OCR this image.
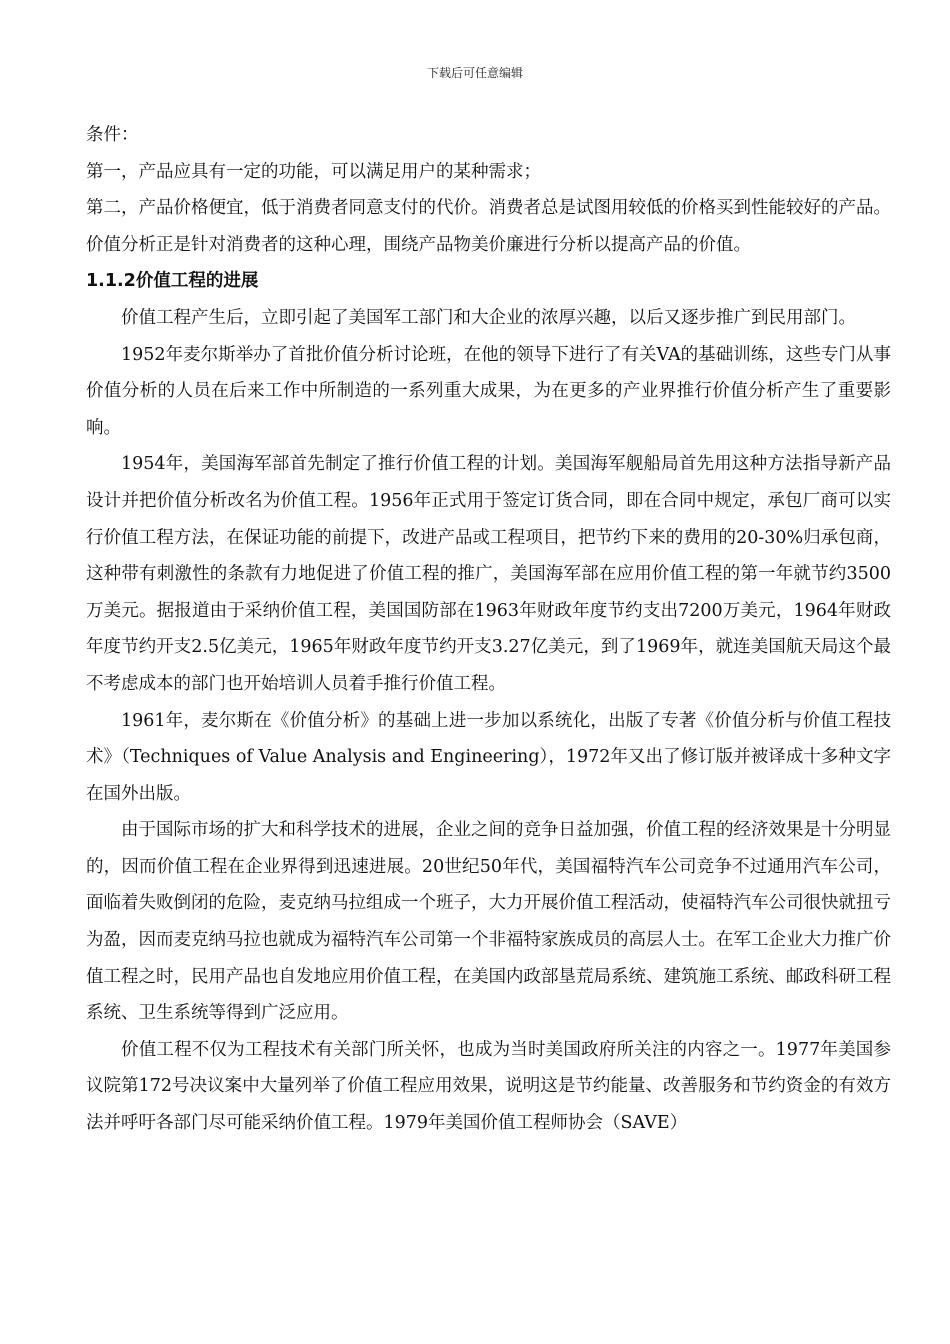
下载后可任意编辑

条件：

第一，产品应具有一定的功能，可以满足用户的某种需求；

第二，产品价格便宜，低于消费者同意支付的代价。消费者总是试图用较低的价格买到性能较好的产品。价值分析正是针对消费者的这种心理，围绕产品物美价廉进行分析以提高产品的价值。

1.1.2价值工程的进展

价值工程产生后，立即引起了美国军工部门和大企业的浓厚兴趣，以后又逐步推广到民用部门。

1952年麦尔斯举办了首批价值分析讨论班，在他的领导下进行了有关VA的基础训练，这些专门从事价值分析的人员在后来工作中所制造的一系列重大成果，为在更多的产业界推行价值分析产生了重要影响。

1954年，美国海军部首先制定了推行价值工程的计划。美国海军舰船局首先用这种方法指导新产品设计并把价值分析改名为价值工程。1956年正式用于签定订货合同，即在合同中规定，承包厂商可以实行价值工程方法，在保证功能的前提下，改进产品或工程项目，把节约下来的费用的20-30%归承包商，这种带有刺激性的条款有力地促进了价值工程的推广，美国海军部在应用价值工程的第一年就节约3500万美元。据报道由于采纳价值工程，美国国防部在1963年财政年度节约支出7200万美元，1964年财政年度节约开支2.5亿美元，1965年财政年度节约开支3.27亿美元，到了1969年，就连美国航天局这个最不考虑成本的部门也开始培训人员着手推行价值工程。

1961年，麦尔斯在《价值分析》的基础上进一步加以系统化，出版了专著《价值分析与价值工程技术》（Techniques of Value Analysis and Engineering），1972年又出了修订版并被译成十多种文字在国外出版。

由于国际市场的扩大和科学技术的进展，企业之间的竞争日益加强，价值工程的经济效果是十分明显的，因而价值工程在企业界得到迅速进展。20世纪50年代，美国福特汽车公司竞争不过通用汽车公司，面临着失败倒闭的危险，麦克纳马拉组成一个班子，大力开展价值工程活动，使福特汽车公司很快就扭亏为盈，因而麦克纳马拉也就成为福特汽车公司第一个非福特家族成员的高层人士。在军工企业大力推广价值工程之时，民用产品也自发地应用价值工程，在美国内政部垦荒局系统、建筑施工系统、邮政科研工程系统、卫生系统等得到广泛应用。

价值工程不仅为工程技术有关部门所关怀，也成为当时美国政府所关注的内容之一。1977年美国参议院第172号决议案中大量列举了价值工程应用效果，说明这是节约能量、改善服务和节约资金的有效方法并呼吁各部门尽可能采纳价值工程。1979年美国价值工程师协会（SAVE）
